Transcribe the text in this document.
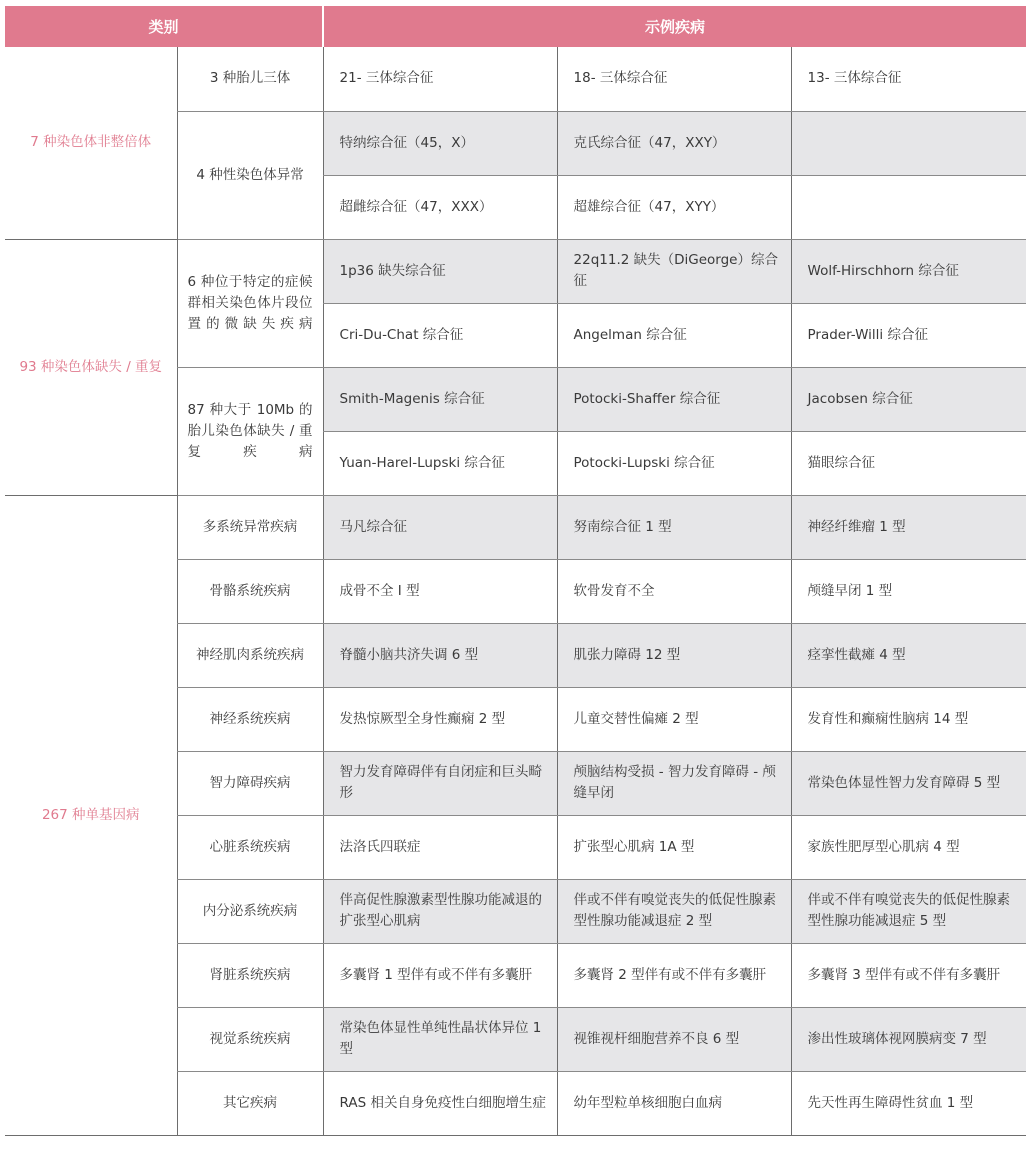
类别		示例疾病		
7 种染色体非整倍体	3 种胎儿三体	21- 三体综合征	18- 三体综合征	13- 三体综合征
	4 种性染色体异常	特纳综合征（45，X）	克氏综合征（47，XXY）	
		超雌综合征（47，XXX）	超雄综合征（47，XYY）	
93 种染色体缺失 / 重复	6 种位于特定的症候群相关染色体片段位置的微缺失疾病	1p36 缺失综合征	22q11.2 缺失（DiGeorge）综合征	Wolf-Hirschhorn 综合征
		Cri-Du-Chat 综合征	Angelman 综合征	Prader-Willi 综合征
	87 种大于 10Mb 的胎儿染色体缺失 / 重复疾病	Smith-Magenis 综合征	Potocki-Shaffer 综合征	Jacobsen 综合征
		Yuan-Harel-Lupski 综合征	Potocki-Lupski 综合征	猫眼综合征
267 种单基因病	多系统异常疾病	马凡综合征	努南综合征 1 型	神经纤维瘤 1 型
	骨骼系统疾病	成骨不全 I 型	软骨发育不全	颅缝早闭 1 型
	神经肌肉系统疾病	脊髓小脑共济失调 6 型	肌张力障碍 12 型	痉挛性截瘫 4 型
	神经系统疾病	发热惊厥型全身性癫痫 2 型	儿童交替性偏瘫 2 型	发育性和癫痫性脑病 14 型
	智力障碍疾病	智力发育障碍伴有自闭症和巨头畸形	颅脑结构受损 - 智力发育障碍 - 颅缝早闭	常染色体显性智力发育障碍 5 型
	心脏系统疾病	法洛氏四联症	扩张型心肌病 1A 型	家族性肥厚型心肌病 4 型
	内分泌系统疾病	伴高促性腺激素型性腺功能减退的扩张型心肌病	伴或不伴有嗅觉丧失的低促性腺素型性腺功能减退症 2 型	伴或不伴有嗅觉丧失的低促性腺素型性腺功能减退症 5 型
	肾脏系统疾病	多囊肾 1 型伴有或不伴有多囊肝	多囊肾 2 型伴有或不伴有多囊肝	多囊肾 3 型伴有或不伴有多囊肝
	视觉系统疾病	常染色体显性单纯性晶状体异位 1 型	视锥视杆细胞营养不良 6 型	渗出性玻璃体视网膜病变 7 型
	其它疾病	RAS 相关自身免疫性白细胞增生症	幼年型粒单核细胞白血病	先天性再生障碍性贫血 1 型
